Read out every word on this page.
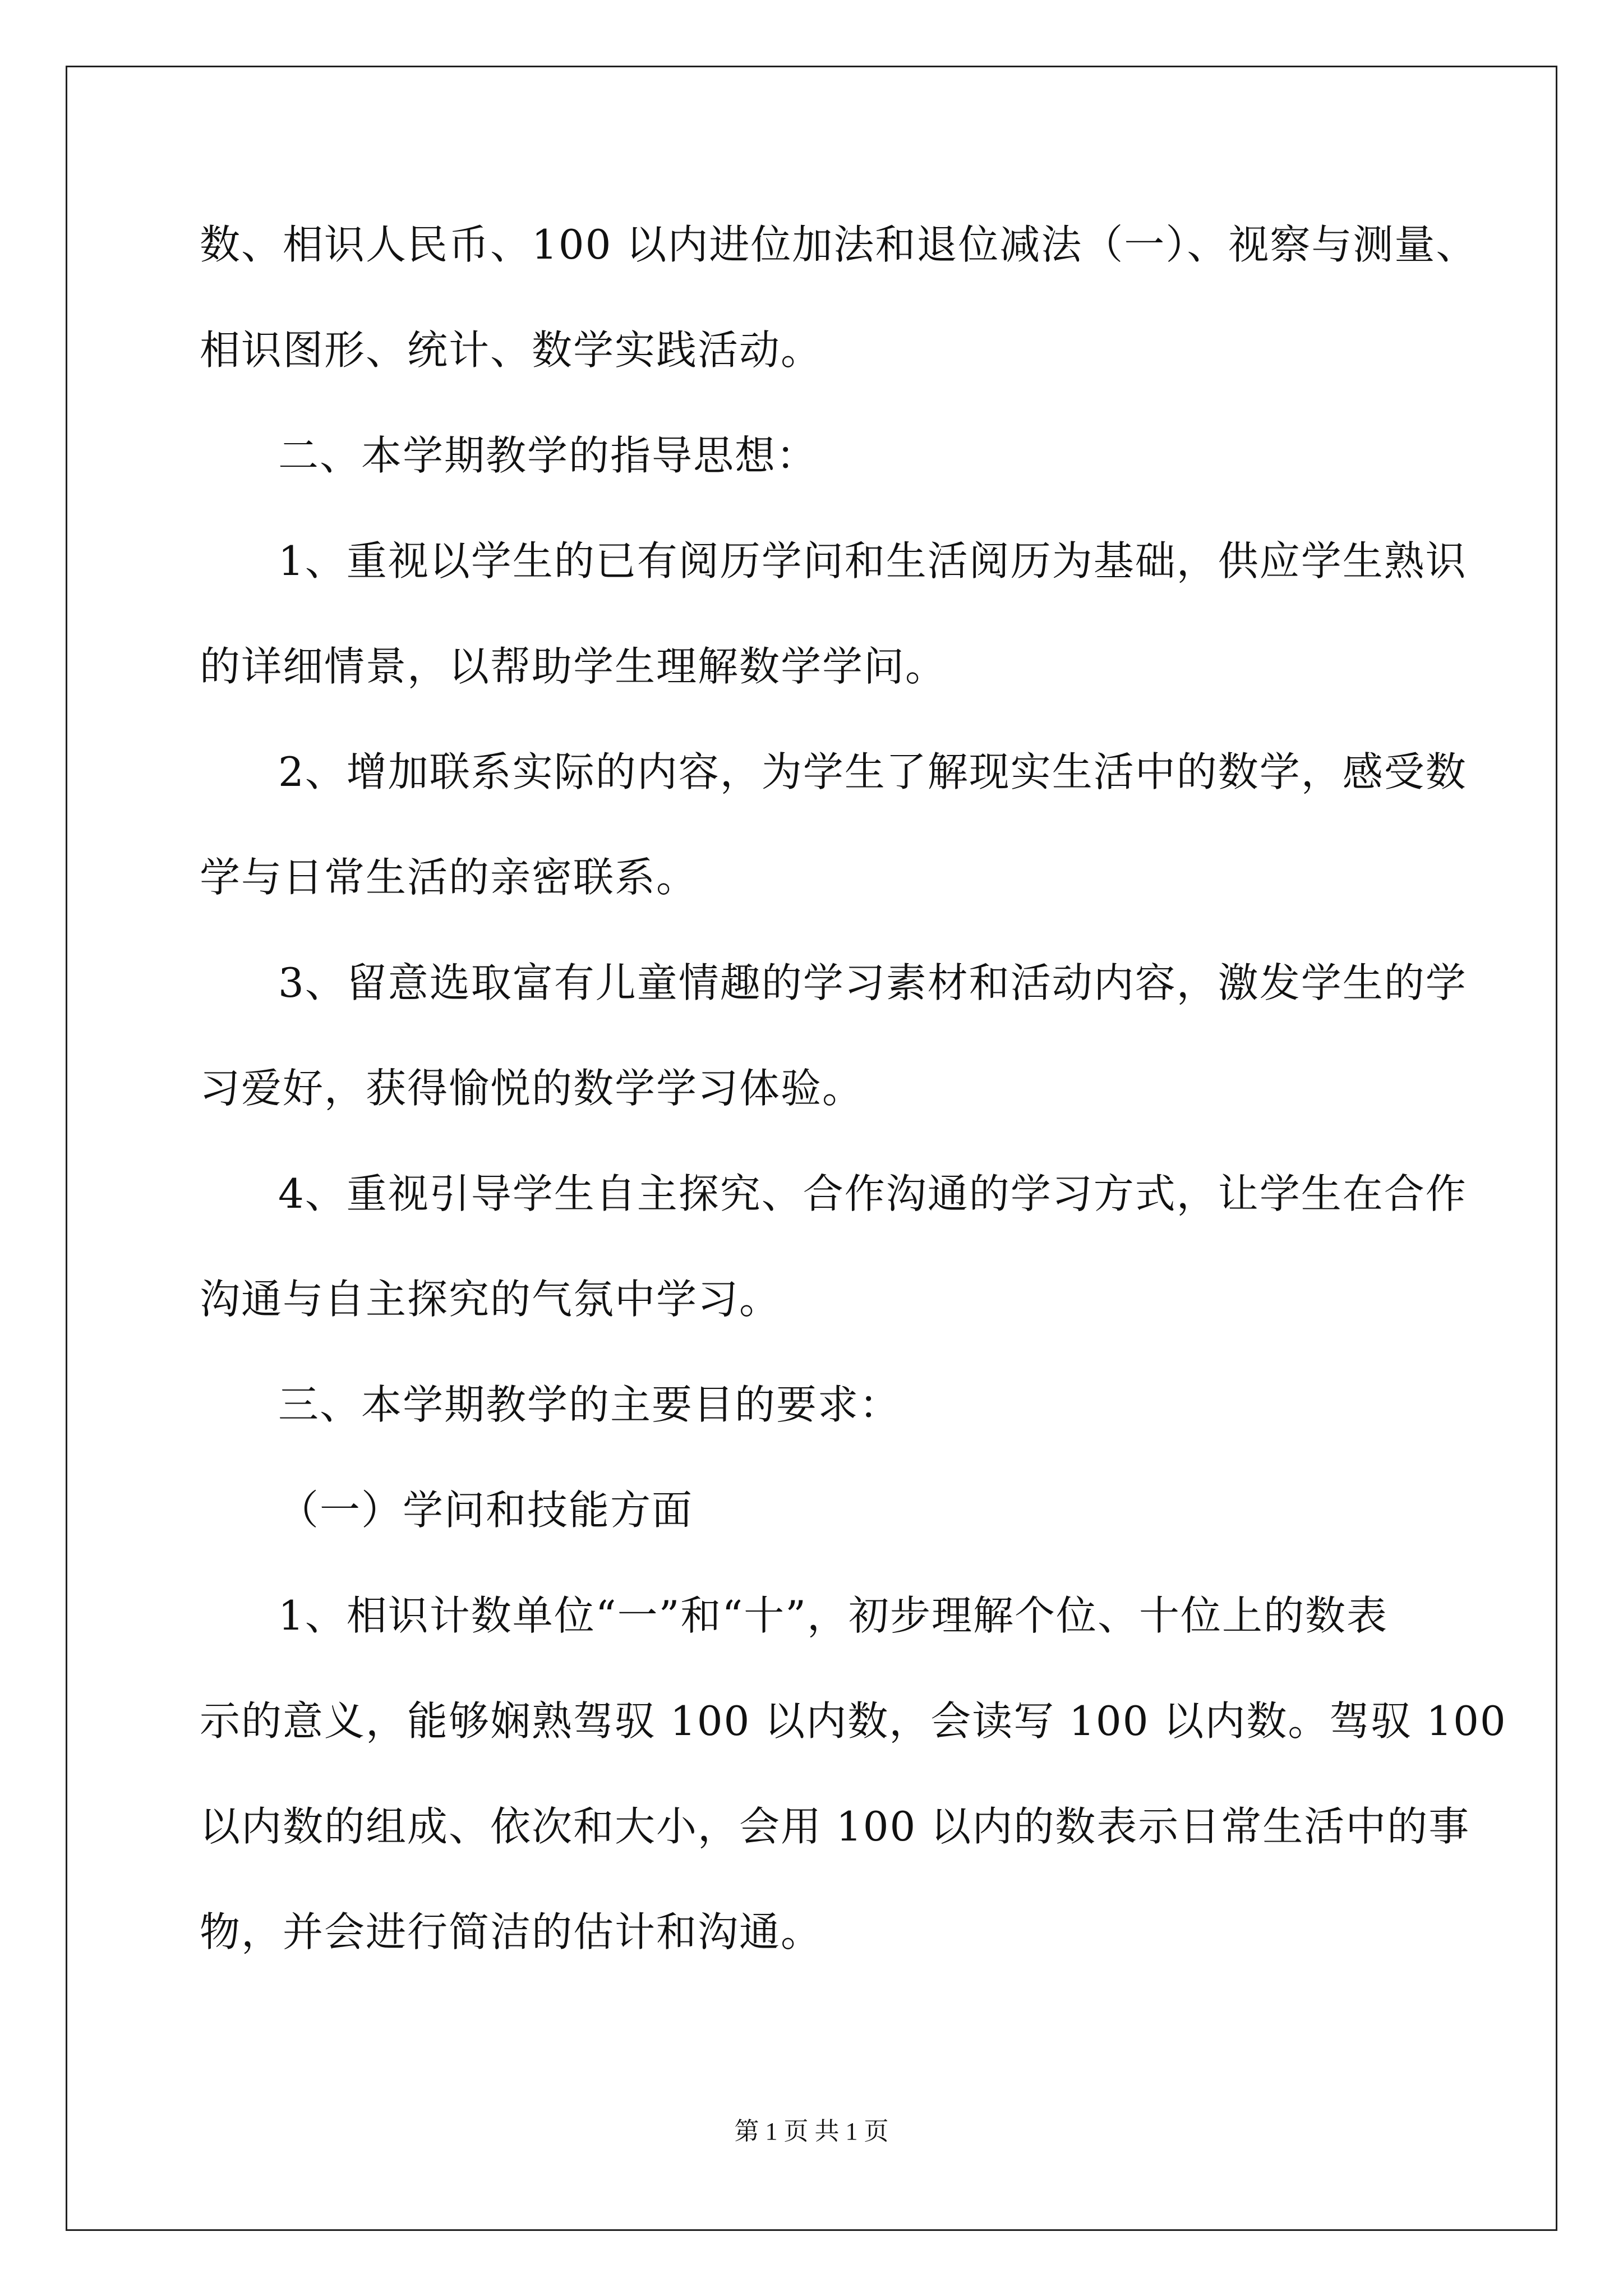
数、相识人民币、100 以内进位加法和退位减法（一）、视察与测量、
相识图形、统计、数学实践活动。
二、本学期教学的指导思想：
1、重视以学生的已有阅历学问和生活阅历为基础，供应学生熟识
的详细情景，以帮助学生理解数学学问。
2、增加联系实际的内容，为学生了解现实生活中的数学，感受数
学与日常生活的亲密联系。
3、留意选取富有儿童情趣的学习素材和活动内容，激发学生的学
习爱好，获得愉悦的数学学习体验。
4、重视引导学生自主探究、合作沟通的学习方式，让学生在合作
沟通与自主探究的气氛中学习。
三、本学期教学的主要目的要求：
（一）学问和技能方面
1、相识计数单位“一”和“十”，初步理解个位、十位上的数表
示的意义，能够娴熟驾驭 100 以内数，会读写 100 以内数。驾驭 100
以内数的组成、依次和大小，会用 100 以内的数表示日常生活中的事
物，并会进行简洁的估计和沟通。
第 1 页 共 1 页
